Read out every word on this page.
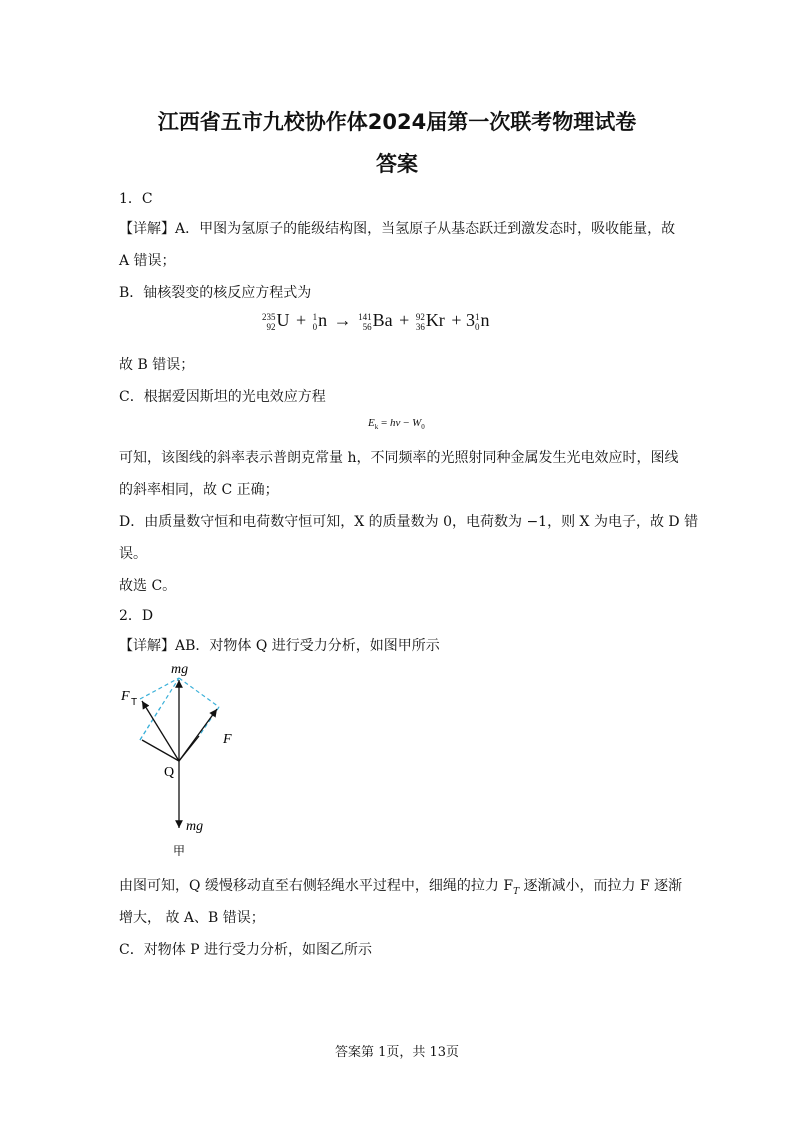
江西省五市九校协作体2024届第一次联考物理试卷
答案
1．C
【详解】A．甲图为氢原子的能级结构图，当氢原子从基态跃迁到激发态时，吸收能量，故
A 错误；
B．铀核裂变的核反应方程式为
235
92U + 1
0n → 141
56Ba + 92
36Kr + 31
0n
故 B 错误；
C．根据爱因斯坦的光电效应方程
$E_k = h\nu - W_0$
可知，该图线的斜率表示普朗克常量 h，不同频率的光照射同种金属发生光电效应时，图线
的斜率相同，故 C 正确；
D．由质量数守恒和电荷数守恒可知，X 的质量数为 0，电荷数为 −1，则 X 为电子，故 D 错
误。
故选 C。
2．D
【详解】AB．对物体 Q 进行受力分析，如图甲所示
mg
F T
F
Q
mg
甲
由图可知，Q 缓慢移动直至右侧轻绳水平过程中，细绳的拉力 $F_T$ 逐渐减小，而拉力 F 逐渐
增大， 故 A、B 错误；
C．对物体 P 进行受力分析，如图乙所示
答案第 1页，共 13页
